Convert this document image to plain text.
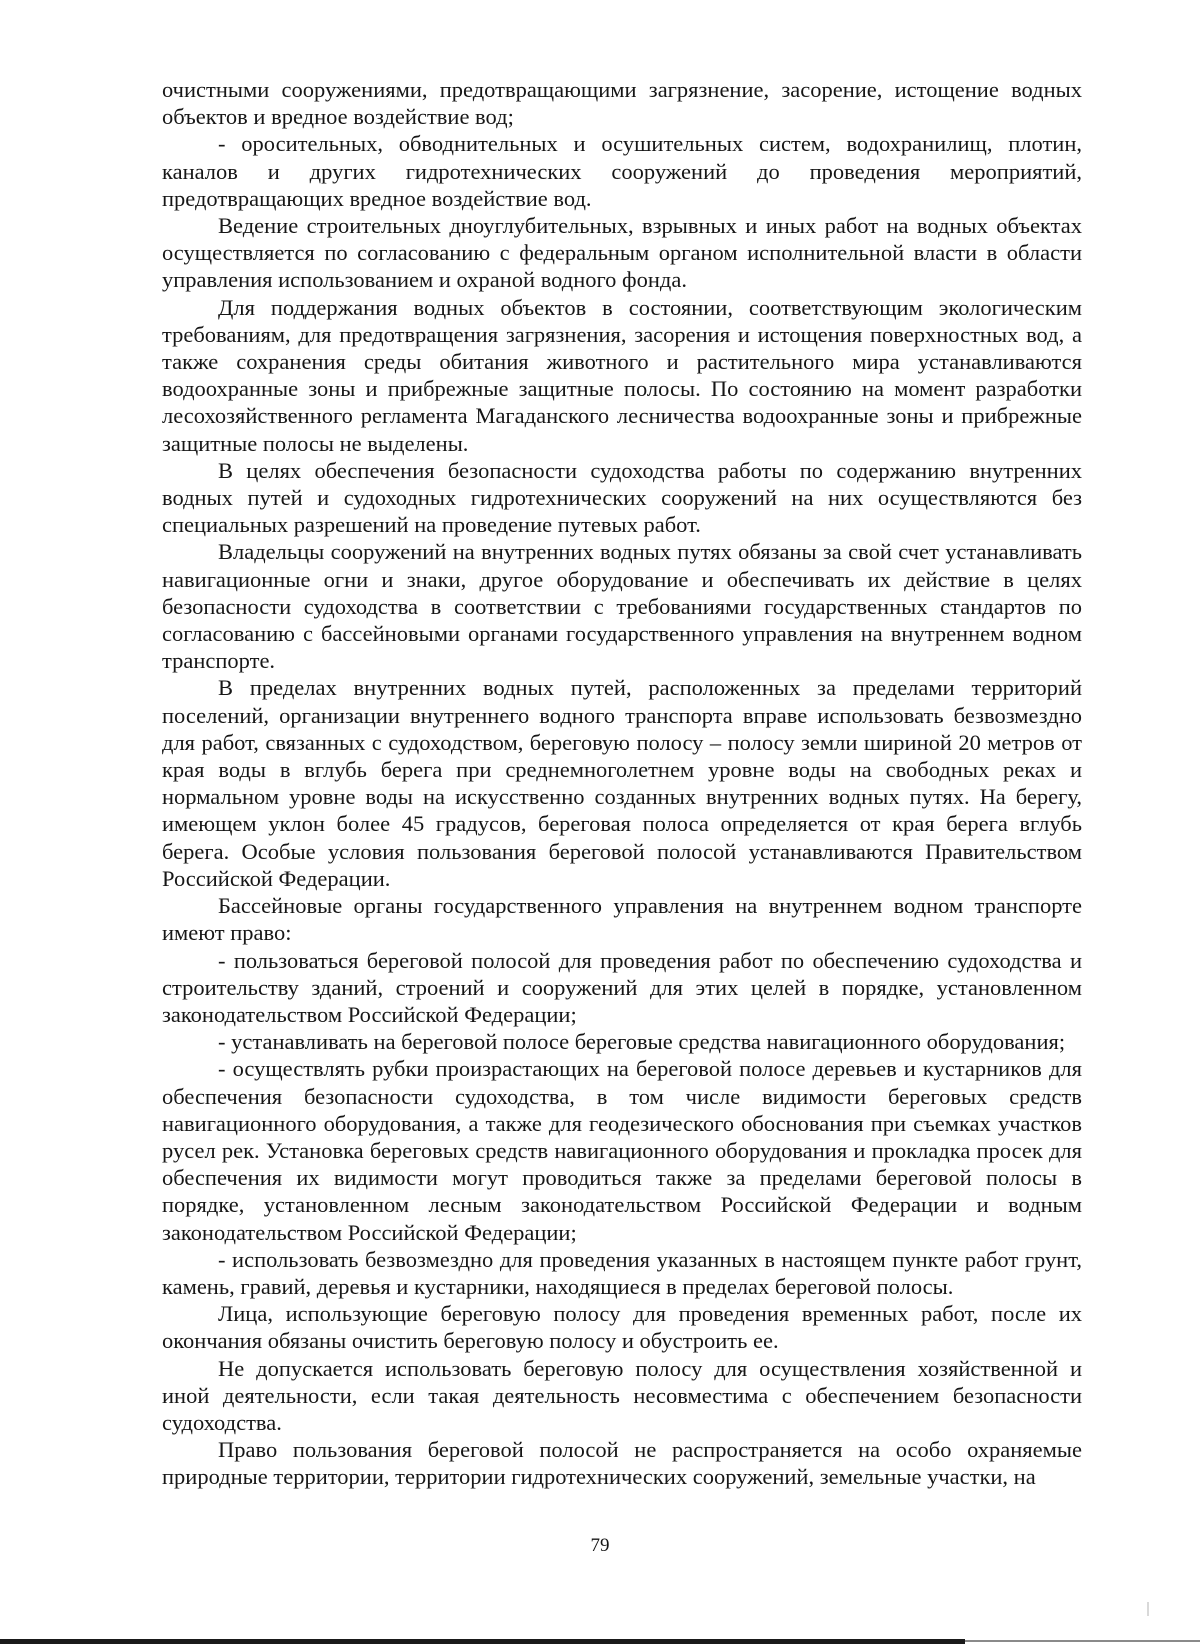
очистными сооружениями, предотвращающими загрязнение, засорение, истощение водных объектов и вредное воздействие вод;

- оросительных, обводнительных и осушительных систем, водохранилищ, плотин, каналов и других гидротехнических сооружений до проведения мероприятий, предотвращающих вредное воздействие вод.

Ведение строительных дноуглубительных, взрывных и иных работ на водных объектах осуществляется по согласованию с федеральным органом исполнительной власти в области управления использованием и охраной водного фонда.

Для поддержания водных объектов в состоянии, соответствующим экологическим требованиям, для предотвращения загрязнения, засорения и истощения поверхностных вод, а также сохранения среды обитания животного и растительного мира устанавливаются водоохранные зоны и прибрежные защитные полосы. По состоянию на момент разработки лесохозяйственного регламента Магаданского лесничества водоохранные зоны и прибрежные защитные полосы не выделены.

В целях обеспечения безопасности судоходства работы по содержанию внутренних водных путей и судоходных гидротехнических сооружений на них осуществляются без специальных разрешений на проведение путевых работ.

Владельцы сооружений на внутренних водных путях обязаны за свой счет устанавливать навигационные огни и знаки, другое оборудование и обеспечивать их действие в целях безопасности судоходства в соответствии с требованиями государственных стандартов по согласованию с бассейновыми органами государственного управления на внутреннем водном транспорте.

В пределах внутренних водных путей, расположенных за пределами территорий поселений, организации внутреннего водного транспорта вправе использовать безвозмездно для работ, связанных с судоходством, береговую полосу – полосу земли шириной 20 метров от края воды в вглубь берега при среднемноголетнем уровне воды на свободных реках и нормальном уровне воды на искусственно созданных внутренних водных путях. На берегу, имеющем уклон более 45 градусов, береговая полоса определяется от края берега вглубь берега. Особые условия пользования береговой полосой устанавливаются Правительством Российской Федерации.

Бассейновые органы государственного управления на внутреннем водном транспорте имеют право:

- пользоваться береговой полосой для проведения работ по обеспечению судоходства и строительству зданий, строений и сооружений для этих целей в порядке, установленном законодательством Российской Федерации;

- устанавливать на береговой полосе береговые средства навигационного оборудования;

- осуществлять рубки произрастающих на береговой полосе деревьев и кустарников для обеспечения безопасности судоходства, в том числе видимости береговых средств навигационного оборудования, а также для геодезического обоснования при съемках участков русел рек. Установка береговых средств навигационного оборудования и прокладка просек для обеспечения их видимости могут проводиться также за пределами береговой полосы в порядке, установленном лесным законодательством Российской Федерации и водным законодательством Российской Федерации;

- использовать безвозмездно для проведения указанных в настоящем пункте работ грунт, камень, гравий, деревья и кустарники, находящиеся в пределах береговой полосы.

Лица, использующие береговую полосу для проведения временных работ, после их окончания обязаны очистить береговую полосу и обустроить ее.

Не допускается использовать береговую полосу для осуществления хозяйственной и иной деятельности, если такая деятельность несовместима с обеспечением безопасности судоходства.

Право пользования береговой полосой не распространяется на особо охраняемые природные территории, территории гидротехнических сооружений, земельные участки, на

79
